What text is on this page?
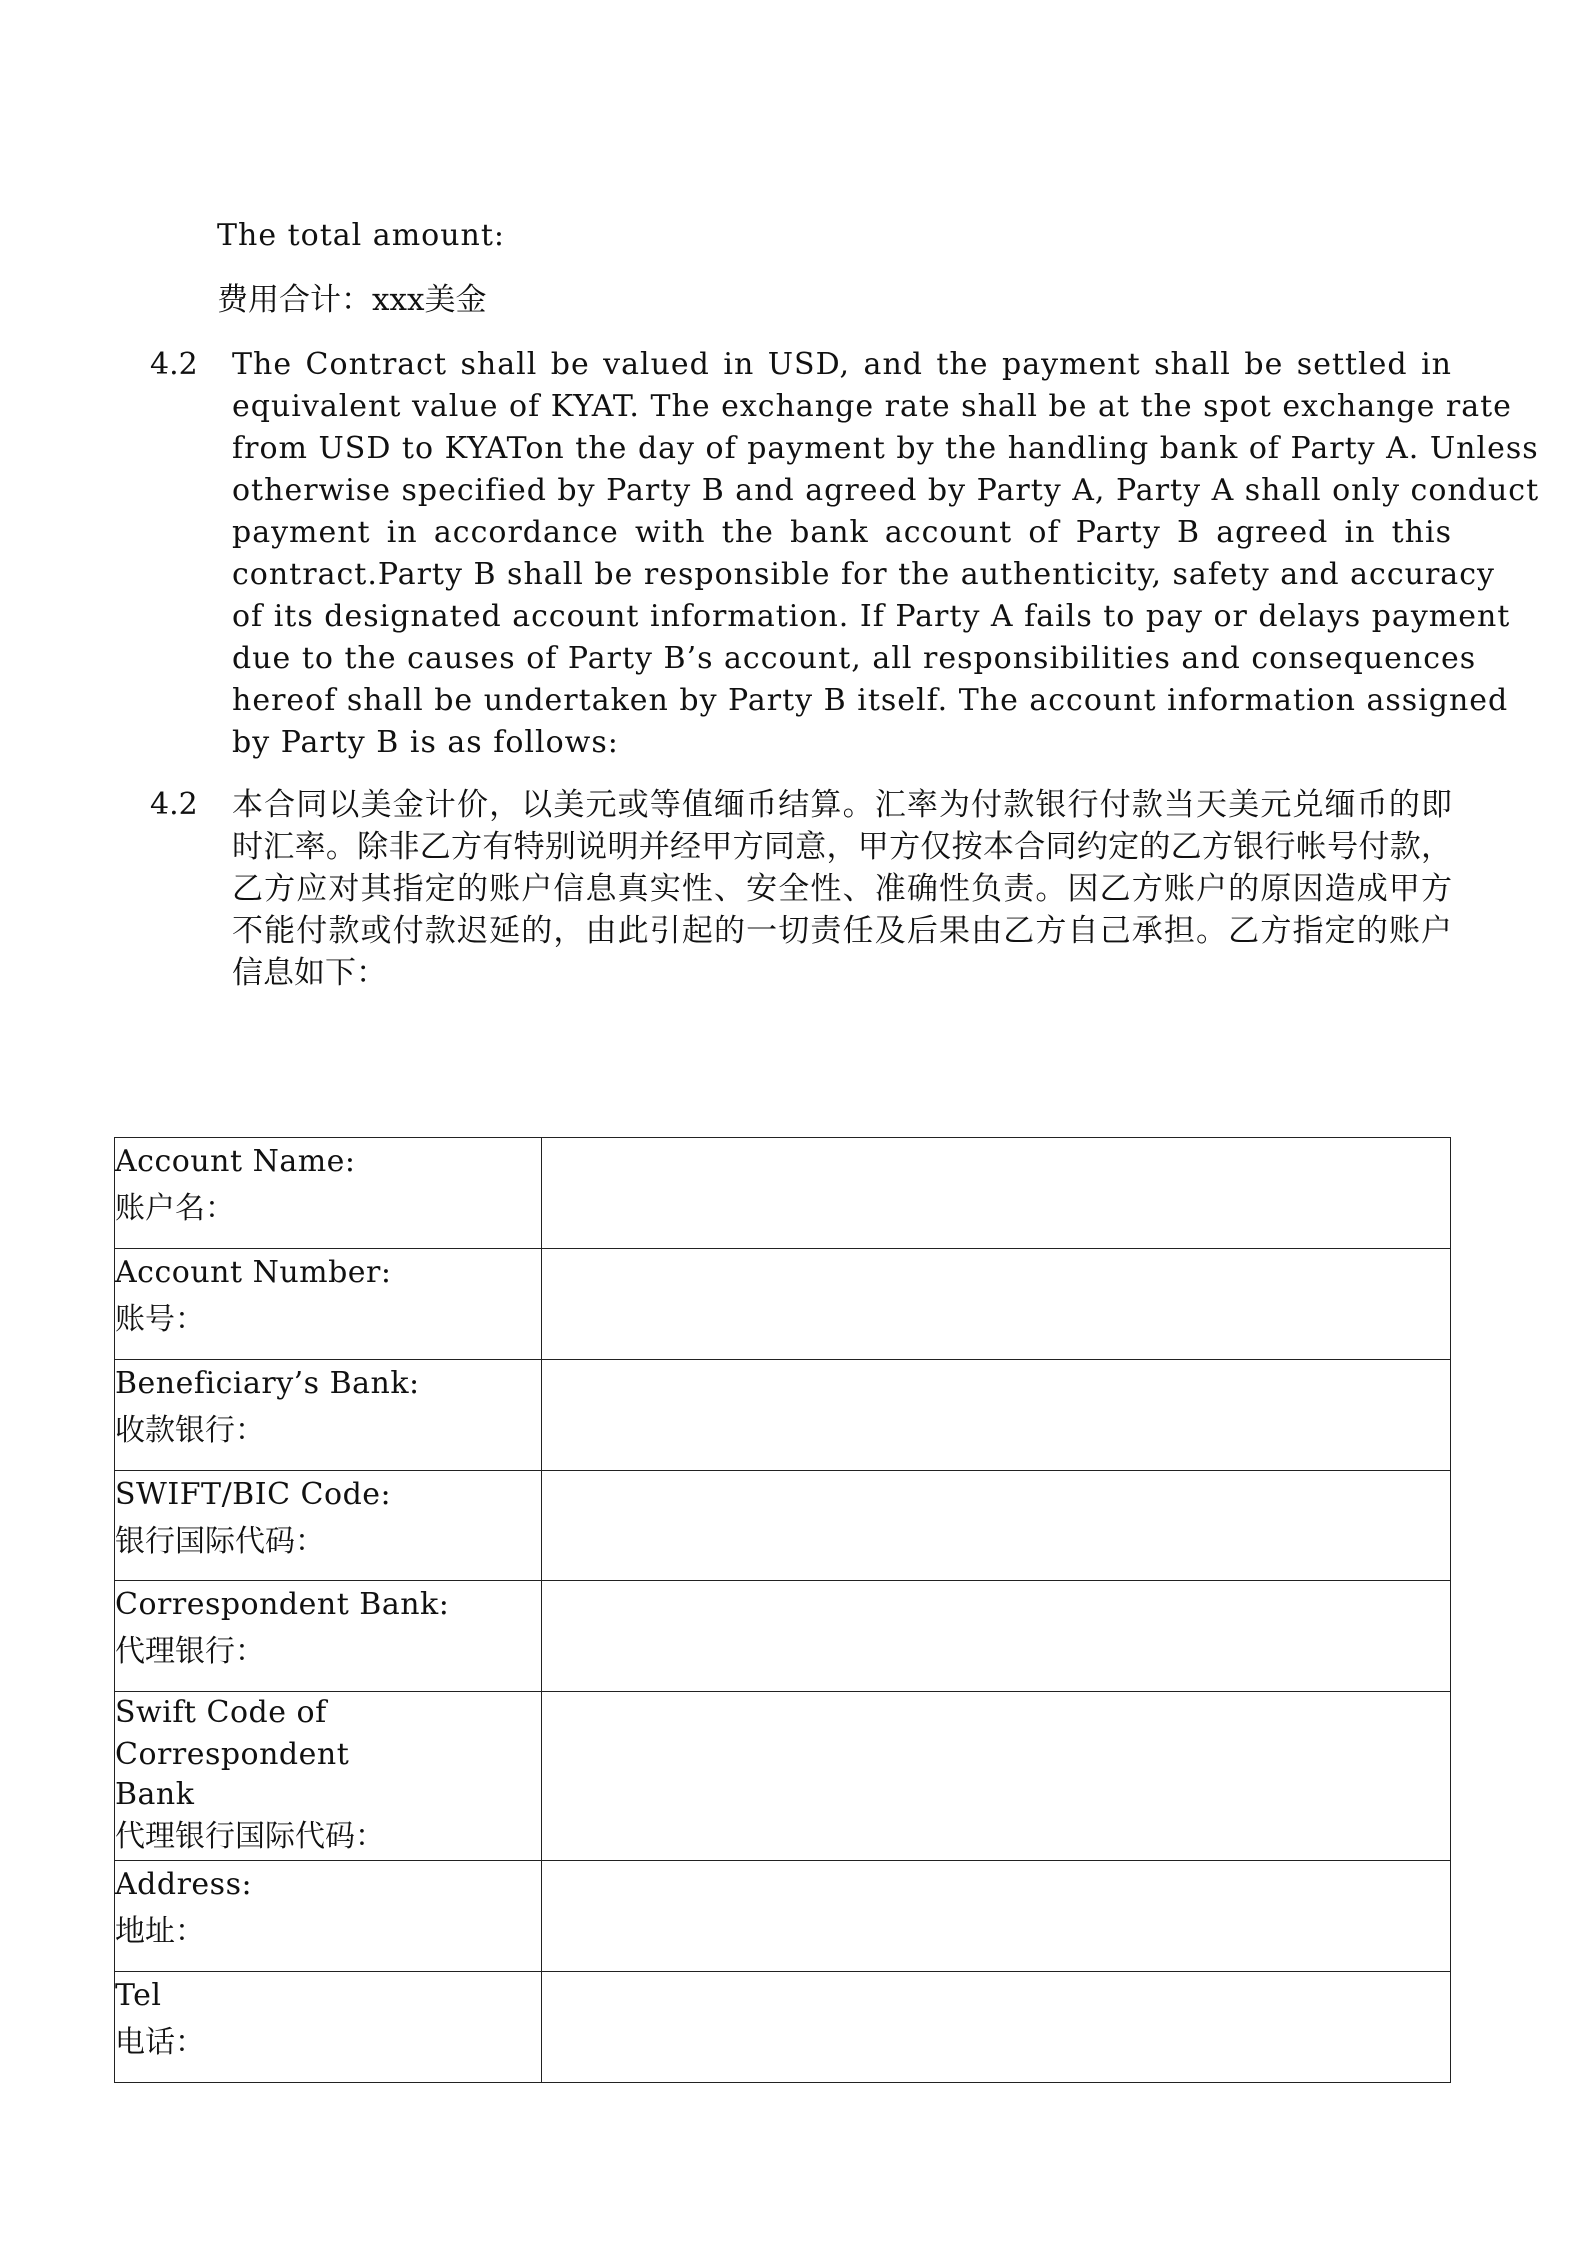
The total amount:
费用合计：xxx美金
4.2 The Contract shall be valued in USD, and the payment shall be settled in
equivalent value of KYAT. The exchange rate shall be at the spot exchange rate
from USD to KYATon the day of payment by the handling bank of Party A. Unless
otherwise specified by Party B and agreed by Party A, Party A shall only conduct
payment in accordance with the bank account of Party B agreed in this
contract.Party B shall be responsible for the authenticity, safety and accuracy
of its designated account information. If Party A fails to pay or delays payment
due to the causes of Party B’s account, all responsibilities and consequences
hereof shall be undertaken by Party B itself. The account information assigned
by Party B is as follows:
4.2 本合同以美金计价，以美元或等值缅币结算。汇率为付款银行付款当天美元兑缅币的即
时汇率。除非乙方有特别说明并经甲方同意，甲方仅按本合同约定的乙方银行帐号付款，
乙方应对其指定的账户信息真实性、安全性、准确性负责。因乙方账户的原因造成甲方
不能付款或付款迟延的，由此引起的一切责任及后果由乙方自己承担。乙方指定的账户
信息如下：
Account Name:
账户名：	

Account Number:
账号：	

Beneficiary’s Bank:
收款银行：	

SWIFT/BIC Code:
银行国际代码：	

Correspondent Bank:
代理银行：	

Swift Code of Correspondent
Bank
代理银行国际代码：	

Address:
地址：	

Tel
电话：	
